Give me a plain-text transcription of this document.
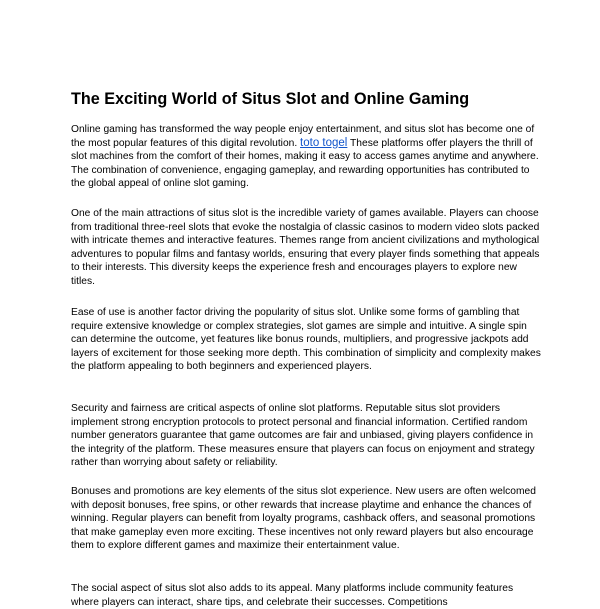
The Exciting World of Situs Slot and Online Gaming

Online gaming has transformed the way people enjoy entertainment, and situs slot has become one of the most popular features of this digital revolution. toto togel These platforms offer players the thrill of slot machines from the comfort of their homes, making it easy to access games anytime and anywhere. The combination of convenience, engaging gameplay, and rewarding opportunities has contributed to the global appeal of online slot gaming.

One of the main attractions of situs slot is the incredible variety of games available. Players can choose from traditional three-reel slots that evoke the nostalgia of classic casinos to modern video slots packed with intricate themes and interactive features. Themes range from ancient civilizations and mythological adventures to popular films and fantasy worlds, ensuring that every player finds something that appeals to their interests. This diversity keeps the experience fresh and encourages players to explore new titles.

Ease of use is another factor driving the popularity of situs slot. Unlike some forms of gambling that require extensive knowledge or complex strategies, slot games are simple and intuitive. A single spin can determine the outcome, yet features like bonus rounds, multipliers, and progressive jackpots add layers of excitement for those seeking more depth. This combination of simplicity and complexity makes the platform appealing to both beginners and experienced players.

Security and fairness are critical aspects of online slot platforms. Reputable situs slot providers implement strong encryption protocols to protect personal and financial information. Certified random number generators guarantee that game outcomes are fair and unbiased, giving players confidence in the integrity of the platform. These measures ensure that players can focus on enjoyment and strategy rather than worrying about safety or reliability.

Bonuses and promotions are key elements of the situs slot experience. New users are often welcomed with deposit bonuses, free spins, or other rewards that increase playtime and enhance the chances of winning. Regular players can benefit from loyalty programs, cashback offers, and seasonal promotions that make gameplay even more exciting. These incentives not only reward players but also encourage them to explore different games and maximize their entertainment value.

The social aspect of situs slot also adds to its appeal. Many platforms include community features where players can interact, share tips, and celebrate their successes. Competitions
